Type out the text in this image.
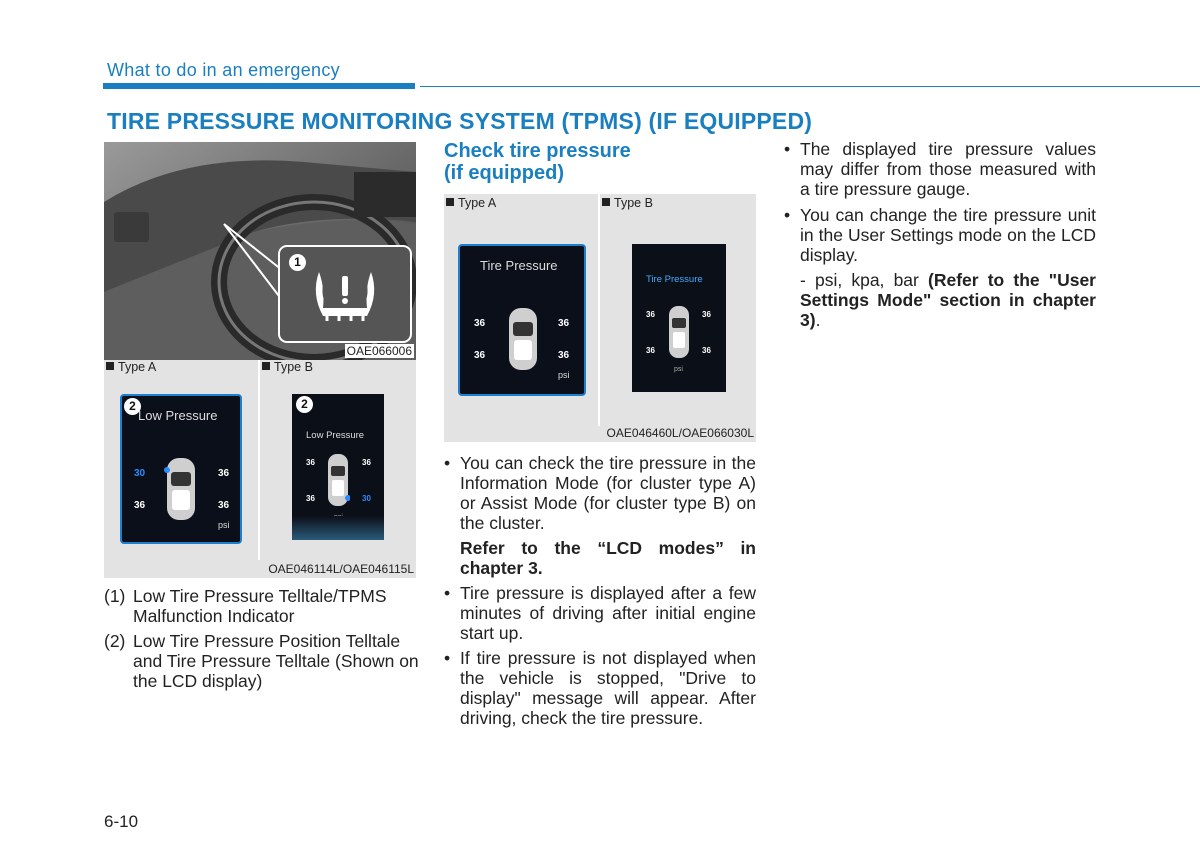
What to do in an emergency
TIRE PRESSURE MONITORING SYSTEM (TPMS) (IF EQUIPPED)
1
OAE066006
Type A	Type B
2
Low Pressure
30	36
36	36
psi
2
Low Pressure
36	36
36	30
OAE046114L/OAE046115L
(1) Low Tire Pressure Telltale/TPMS Malfunction Indicator
(2) Low Tire Pressure Position Telltale and Tire Pressure Telltale (Shown on the LCD display)
Check tire pressure
(if equipped)
Type A	Type B
Tire Pressure
36	36
36	36
psi
Tire Pressure
36	36
36	36
psi
OAE046460L/OAE066030L
• You can check the tire pressure in the Information Mode (for cluster type A) or Assist Mode (for cluster type B) on the cluster.
Refer to the “LCD modes” in chapter 3.
• Tire pressure is displayed after a few minutes of driving after initial engine start up.
• If tire pressure is not displayed when the vehicle is stopped, "Drive to display" message will appear. After driving, check the tire pressure.
• The displayed tire pressure values may differ from those measured with a tire pressure gauge.
• You can change the tire pressure unit in the User Settings mode on the LCD display.
- psi, kpa, bar (Refer to the "User Settings Mode" section in chapter 3).
6-10
